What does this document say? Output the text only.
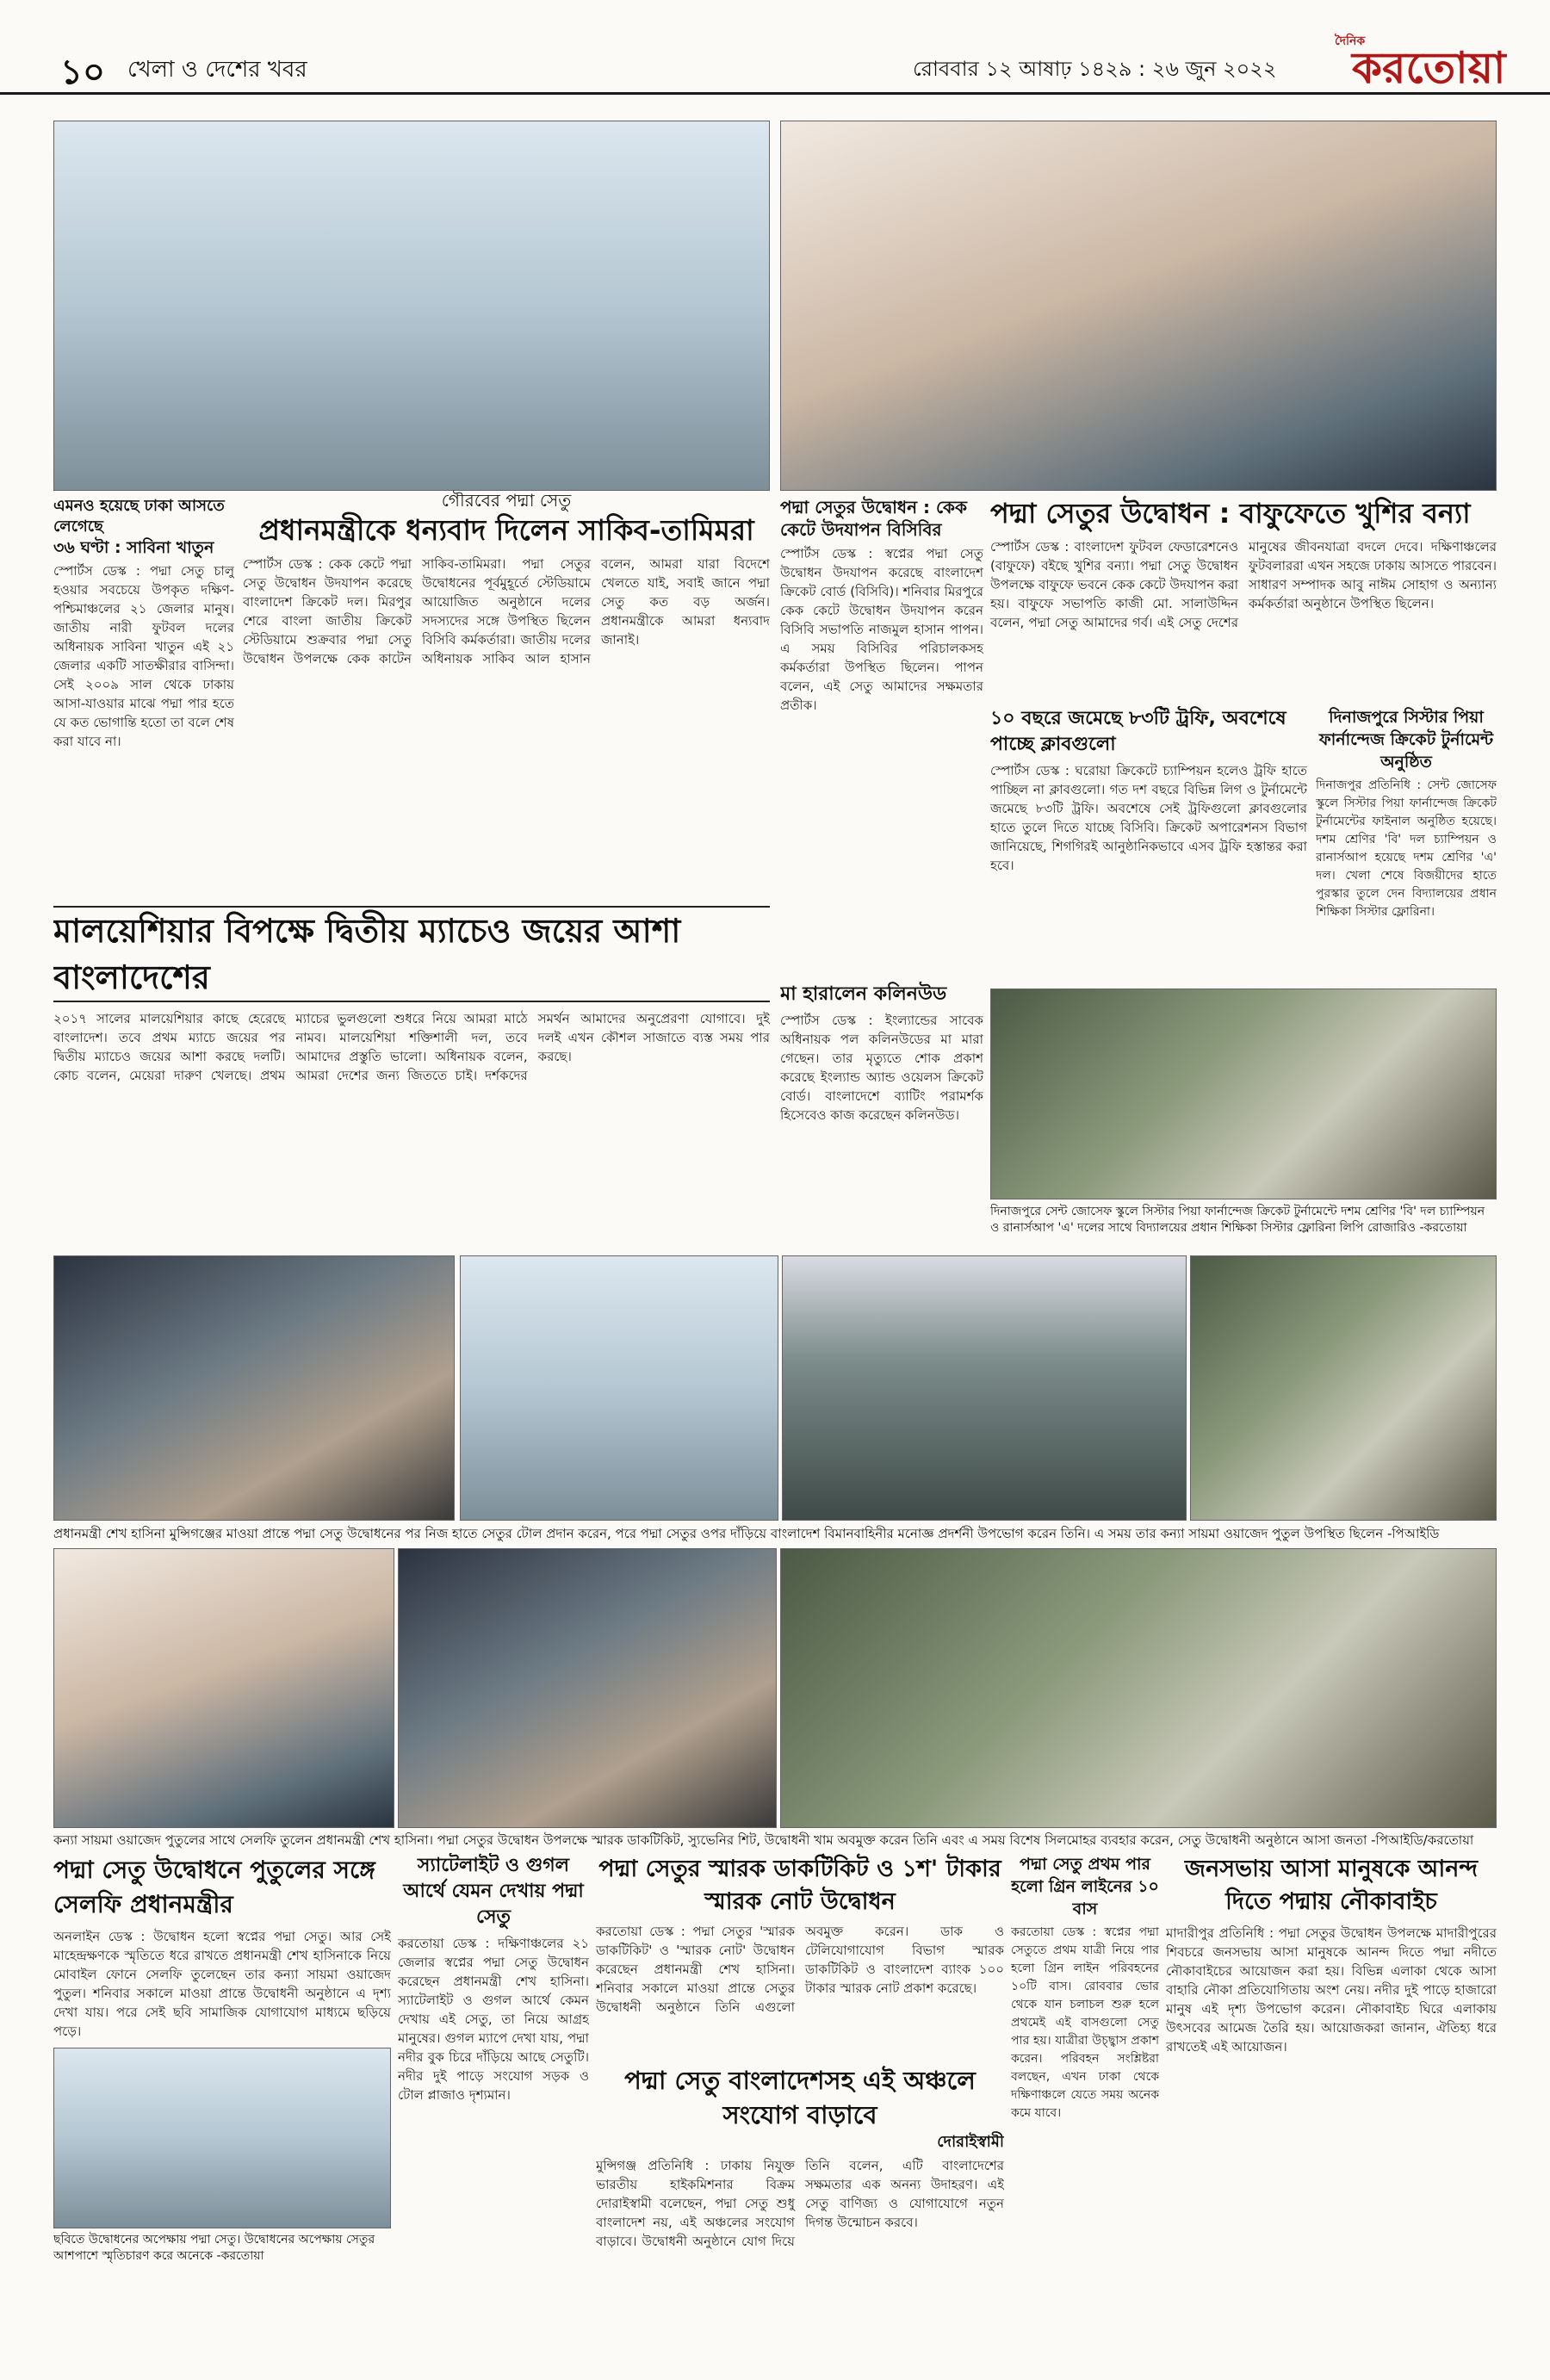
১০ খেলা ও দেশের খবর	রোববার ১২ আষাঢ় ১৪২৯ : ২৬ জুন ২০২২
দৈনিক
করতোয়া
এমনও হয়েছে ঢাকা আসতে লেগেছে
৩৬ ঘণ্টা : সাবিনা খাতুন
স্পোর্টস ডেস্ক : পদ্মা সেতু চালু হওয়ার সবচেয়ে উপকৃত দক্ষিণ-পশ্চিমাঞ্চলের ২১ জেলার মানুষ। জাতীয় নারী ফুটবল দলের অধিনায়ক সাবিনা খাতুন এই ২১ জেলার একটি সাতক্ষীরার বাসিন্দা। সেই ২০০৯ সাল থেকে ঢাকায় আসা-যাওয়ার মাঝে পদ্মা পার হতে যে কত ভোগান্তি হতো তা বলে শেষ করা যাবে না।
গৌরবের পদ্মা সেতু
প্রধানমন্ত্রীকে ধন্যবাদ দিলেন সাকিব-তামিমরা
স্পোর্টস ডেস্ক : কেক কেটে পদ্মা সেতু উদ্বোধন উদযাপন করেছে বাংলাদেশ ক্রিকেট দল। মিরপুর শেরে বাংলা জাতীয় ক্রিকেট স্টেডিয়ামে শুক্রবার পদ্মা সেতু উদ্বোধন উপলক্ষে কেক কাটেন সাকিব-তামিমরা। পদ্মা সেতুর উদ্বোধনের পূর্বমুহূর্তে স্টেডিয়ামে আয়োজিত অনুষ্ঠানে দলের সদস্যদের সঙ্গে উপস্থিত ছিলেন বিসিবি কর্মকর্তারা। জাতীয় দলের অধিনায়ক সাকিব আল হাসান বলেন, আমরা যারা বিদেশে খেলতে যাই, সবাই জানে পদ্মা সেতু কত বড় অর্জন। প্রধানমন্ত্রীকে আমরা ধন্যবাদ জানাই।
পদ্মা সেতুর উদ্বোধন : কেক কেটে উদযাপন বিসিবির
স্পোর্টস ডেস্ক : স্বপ্নের পদ্মা সেতু উদ্বোধন উদযাপন করেছে বাংলাদেশ ক্রিকেট বোর্ড (বিসিবি)। শনিবার মিরপুরে কেক কেটে উদ্বোধন উদযাপন করেন বিসিবি সভাপতি নাজমুল হাসান পাপন। এ সময় বিসিবির পরিচালকসহ কর্মকর্তারা উপস্থিত ছিলেন। পাপন বলেন, এই সেতু আমাদের সক্ষমতার প্রতীক।
পদ্মা সেতুর উদ্বোধন : বাফুফেতে খুশির বন্যা
স্পোর্টস ডেস্ক : বাংলাদেশ ফুটবল ফেডারেশনেও (বাফুফে) বইছে খুশির বন্যা। পদ্মা সেতু উদ্বোধন উপলক্ষে বাফুফে ভবনে কেক কেটে উদযাপন করা হয়। বাফুফে সভাপতি কাজী মো. সালাউদ্দিন বলেন, পদ্মা সেতু আমাদের গর্ব। এই সেতু দেশের মানুষের জীবনযাত্রা বদলে দেবে। দক্ষিণাঞ্চলের ফুটবলাররা এখন সহজে ঢাকায় আসতে পারবেন। সাধারণ সম্পাদক আবু নাঈম সোহাগ ও অন্যান্য কর্মকর্তারা অনুষ্ঠানে উপস্থিত ছিলেন।
১০ বছরে জমেছে ৮৩টি ট্রফি, অবশেষে পাচ্ছে ক্লাবগুলো
স্পোর্টস ডেস্ক : ঘরোয়া ক্রিকেটে চ্যাম্পিয়ন হলেও ট্রফি হাতে পাচ্ছিল না ক্লাবগুলো। গত দশ বছরে বিভিন্ন লিগ ও টুর্নামেন্টে জমেছে ৮৩টি ট্রফি। অবশেষে সেই ট্রফিগুলো ক্লাবগুলোর হাতে তুলে দিতে যাচ্ছে বিসিবি। ক্রিকেট অপারেশনস বিভাগ জানিয়েছে, শিগগিরই আনুষ্ঠানিকভাবে এসব ট্রফি হস্তান্তর করা হবে।
দিনাজপুরে সিস্টার পিয়া ফার্নান্দেজ ক্রিকেট টুর্নামেন্ট অনুষ্ঠিত
দিনাজপুর প্রতিনিধি : সেন্ট জোসেফ স্কুলে সিস্টার পিয়া ফার্নান্দেজ ক্রিকেট টুর্নামেন্টের ফাইনাল অনুষ্ঠিত হয়েছে। দশম শ্রেণির 'বি' দল চ্যাম্পিয়ন ও রানার্সআপ হয়েছে দশম শ্রেণির 'এ' দল। খেলা শেষে বিজয়ীদের হাতে পুরস্কার তুলে দেন বিদ্যালয়ের প্রধান শিক্ষিকা সিস্টার ফ্লোরিনা।
মালয়েশিয়ার বিপক্ষে দ্বিতীয় ম্যাচেও জয়ের আশা বাংলাদেশের
২০১৭ সালের মালয়েশিয়ার কাছে হেরেছে বাংলাদেশ। তবে প্রথম ম্যাচে জয়ের পর দ্বিতীয় ম্যাচেও জয়ের আশা করছে দলটি। কোচ বলেন, মেয়েরা দারুণ খেলছে। প্রথম ম্যাচের ভুলগুলো শুধরে নিয়ে আমরা মাঠে নামব। মালয়েশিয়া শক্তিশালী দল, তবে আমাদের প্রস্তুতি ভালো। অধিনায়ক বলেন, আমরা দেশের জন্য জিততে চাই। দর্শকদের সমর্থন আমাদের অনুপ্রেরণা যোগাবে। দুই দলই এখন কৌশল সাজাতে ব্যস্ত সময় পার করছে।
মা হারালেন কলিনউড
স্পোর্টস ডেস্ক : ইংল্যান্ডের সাবেক অধিনায়ক পল কলিনউডের মা মারা গেছেন। তার মৃত্যুতে শোক প্রকাশ করেছে ইংল্যান্ড অ্যান্ড ওয়েলস ক্রিকেট বোর্ড। বাংলাদেশে ব্যাটিং পরামর্শক হিসেবেও কাজ করেছেন কলিনউড।
দিনাজপুরে সেন্ট জোসেফ স্কুলে সিস্টার পিয়া ফার্নান্দেজ ক্রিকেট টুর্নামেন্টে দশম শ্রেণির 'বি' দল চ্যাম্পিয়ন ও রানার্সআপ 'এ' দলের সাথে বিদ্যালয়ের প্রধান শিক্ষিকা সিস্টার ফ্লোরিনা লিপি রোজারিও -করতোয়া
প্রধানমন্ত্রী শেখ হাসিনা মুন্সিগঞ্জের মাওয়া প্রান্তে পদ্মা সেতু উদ্বোধনের পর নিজ হাতে সেতুর টোল প্রদান করেন, পরে পদ্মা সেতুর ওপর দাঁড়িয়ে বাংলাদেশ বিমানবাহিনীর মনোজ্ঞ প্রদর্শনী উপভোগ করেন তিনি। এ সময় তার কন্যা সায়মা ওয়াজেদ পুতুল উপস্থিত ছিলেন -পিআইডি
কন্যা সায়মা ওয়াজেদ পুতুলের সাথে সেলফি তুলেন প্রধানমন্ত্রী শেখ হাসিনা। পদ্মা সেতুর উদ্বোধন উপলক্ষে স্মারক ডাকটিকিট, স্যুভেনির শিট, উদ্বোধনী খাম অবমুক্ত করেন তিনি এবং এ সময় বিশেষ সিলমোহর ব্যবহার করেন, সেতু উদ্বোধনী অনুষ্ঠানে আসা জনতা -পিআইডি/করতোয়া
পদ্মা সেতু উদ্বোধনে পুতুলের সঙ্গে সেলফি প্রধানমন্ত্রীর
অনলাইন ডেস্ক : উদ্বোধন হলো স্বপ্নের পদ্মা সেতু। আর সেই মাহেন্দ্রক্ষণকে স্মৃতিতে ধরে রাখতে প্রধানমন্ত্রী শেখ হাসিনাকে নিয়ে মোবাইল ফোনে সেলফি তুলেছেন তার কন্যা সায়মা ওয়াজেদ পুতুল। শনিবার সকালে মাওয়া প্রান্তে উদ্বোধনী অনুষ্ঠানে এ দৃশ্য দেখা যায়। পরে সেই ছবি সামাজিক যোগাযোগ মাধ্যমে ছড়িয়ে পড়ে।
ছবিতে উদ্বোধনের অপেক্ষায় পদ্মা সেতু। উদ্বোধনের অপেক্ষায় সেতুর আশপাশে স্মৃতিচারণ করে অনেকে -করতোয়া
স্যাটেলাইট ও গুগল আর্থে যেমন দেখায় পদ্মা সেতু
করতোয়া ডেস্ক : দক্ষিণাঞ্চলের ২১ জেলার স্বপ্নের পদ্মা সেতু উদ্বোধন করেছেন প্রধানমন্ত্রী শেখ হাসিনা। স্যাটেলাইট ও গুগল আর্থে কেমন দেখায় এই সেতু, তা নিয়ে আগ্রহ মানুষের। গুগল ম্যাপে দেখা যায়, পদ্মা নদীর বুক চিরে দাঁড়িয়ে আছে সেতুটি। নদীর দুই পাড়ে সংযোগ সড়ক ও টোল প্লাজাও দৃশ্যমান।
পদ্মা সেতুর স্মারক ডাকটিকিট ও ১শ' টাকার স্মারক নোট উদ্বোধন
করতোয়া ডেস্ক : পদ্মা সেতুর 'স্মারক ডাকটিকিট' ও 'স্মারক নোট' উদ্বোধন করেছেন প্রধানমন্ত্রী শেখ হাসিনা। শনিবার সকালে মাওয়া প্রান্তে সেতুর উদ্বোধনী অনুষ্ঠানে তিনি এগুলো অবমুক্ত করেন। ডাক ও টেলিযোগাযোগ বিভাগ স্মারক ডাকটিকিট ও বাংলাদেশ ব্যাংক ১০০ টাকার স্মারক নোট প্রকাশ করেছে।
পদ্মা সেতু বাংলাদেশসহ এই অঞ্চলে সংযোগ বাড়াবে
দোরাইস্বামী
মুন্সিগঞ্জ প্রতিনিধি : ঢাকায় নিযুক্ত ভারতীয় হাইকমিশনার বিক্রম দোরাইস্বামী বলেছেন, পদ্মা সেতু শুধু বাংলাদেশ নয়, এই অঞ্চলের সংযোগ বাড়াবে। উদ্বোধনী অনুষ্ঠানে যোগ দিয়ে তিনি বলেন, এটি বাংলাদেশের সক্ষমতার এক অনন্য উদাহরণ। এই সেতু বাণিজ্য ও যোগাযোগে নতুন দিগন্ত উন্মোচন করবে।
পদ্মা সেতু প্রথম পার হলো গ্রিন লাইনের ১০ বাস
করতোয়া ডেস্ক : স্বপ্নের পদ্মা সেতুতে প্রথম যাত্রী নিয়ে পার হলো গ্রিন লাইন পরিবহনের ১০টি বাস। রোববার ভোর থেকে যান চলাচল শুরু হলে প্রথমেই এই বাসগুলো সেতু পার হয়। যাত্রীরা উচ্ছ্বাস প্রকাশ করেন। পরিবহন সংশ্লিষ্টরা বলছেন, এখন ঢাকা থেকে দক্ষিণাঞ্চলে যেতে সময় অনেক কমে যাবে।
জনসভায় আসা মানুষকে আনন্দ দিতে পদ্মায় নৌকাবাইচ
মাদারীপুর প্রতিনিধি : পদ্মা সেতুর উদ্বোধন উপলক্ষে মাদারীপুরের শিবচরে জনসভায় আসা মানুষকে আনন্দ দিতে পদ্মা নদীতে নৌকাবাইচের আয়োজন করা হয়। বিভিন্ন এলাকা থেকে আসা বাহারি নৌকা প্রতিযোগিতায় অংশ নেয়। নদীর দুই পাড়ে হাজারো মানুষ এই দৃশ্য উপভোগ করেন। নৌকাবাইচ ঘিরে এলাকায় উৎসবের আমেজ তৈরি হয়। আয়োজকরা জানান, ঐতিহ্য ধরে রাখতেই এই আয়োজন।
